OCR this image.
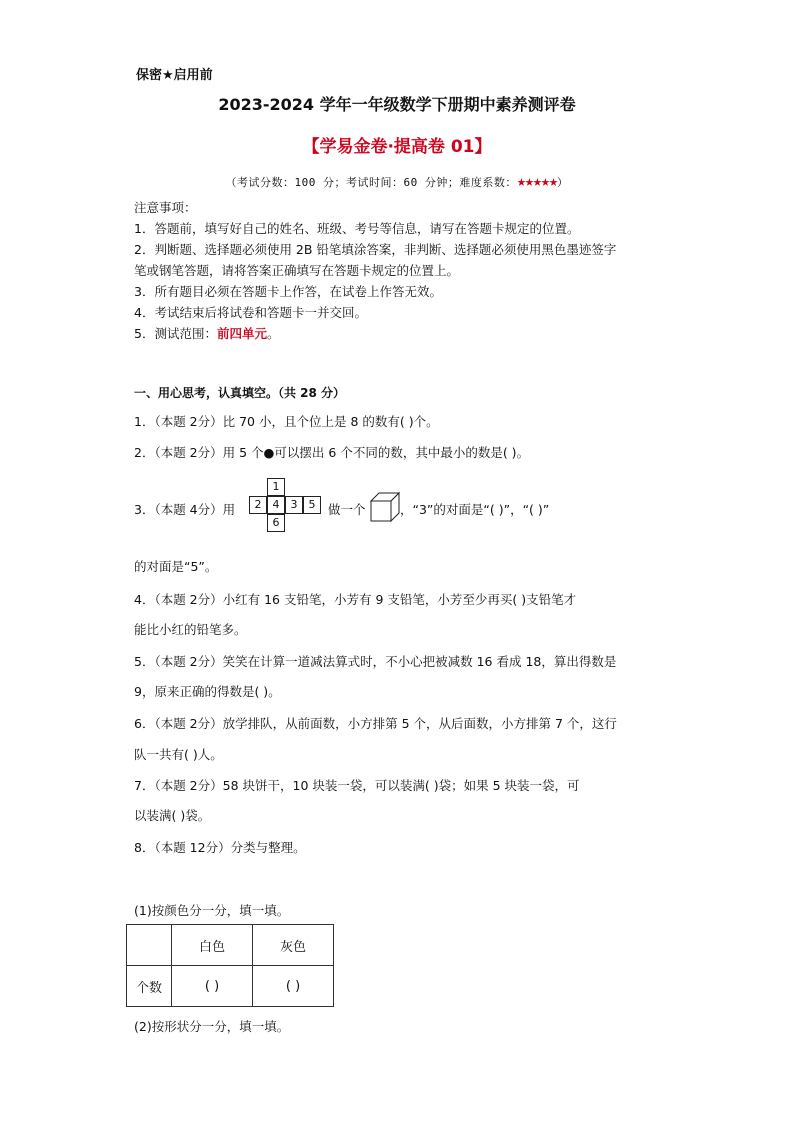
保密★启用前
2023-2024 学年一年级数学下册期中素养测评卷
【学易金卷·提高卷 01】
（考试分数：100 分；考试时间：60 分钟；难度系数：★★★★★）
注意事项：
1．答题前，填写好自己的姓名、班级、考号等信息，请写在答题卡规定的位置。
2．判断题、选择题必须使用 2B 铅笔填涂答案，非判断、选择题必须使用黑色墨迹签字
笔或钢笔答题，请将答案正确填写在答题卡规定的位置上。
3．所有题目必须在答题卡上作答，在试卷上作答无效。
4．考试结束后将试卷和答题卡一并交回。
5．测试范围：前四单元。
一、用心思考，认真填空。（共 28 分）
1．（本题 2分）比 70 小，且个位上是 8 的数有( )个。
2．（本题 2分）用 5 个●可以摆出 6 个不同的数，其中最小的数是( )。
3．（本题 4分）用
1
2	4	3	5
6
做一个	，“3”的对面是“( )”，“( )”
的对面是“5”。
4．（本题 2分）小红有 16 支铅笔，小芳有 9 支铅笔，小芳至少再买( )支铅笔才
能比小红的铅笔多。
5．（本题 2分）笑笑在计算一道减法算式时，不小心把被减数 16 看成 18，算出得数是
9，原来正确的得数是( )。
6．（本题 2分）放学排队，从前面数，小方排第 5 个，从后面数，小方排第 7 个，这行
队一共有( )人。
7．（本题 2分）58 块饼干，10 块装一袋，可以装满( )袋；如果 5 块装一袋，可
以装满( )袋。
8．（本题 12分）分类与整理。
(1)按颜色分一分，填一填。
	白色	灰色
个数	( )	( )
(2)按形状分一分，填一填。
